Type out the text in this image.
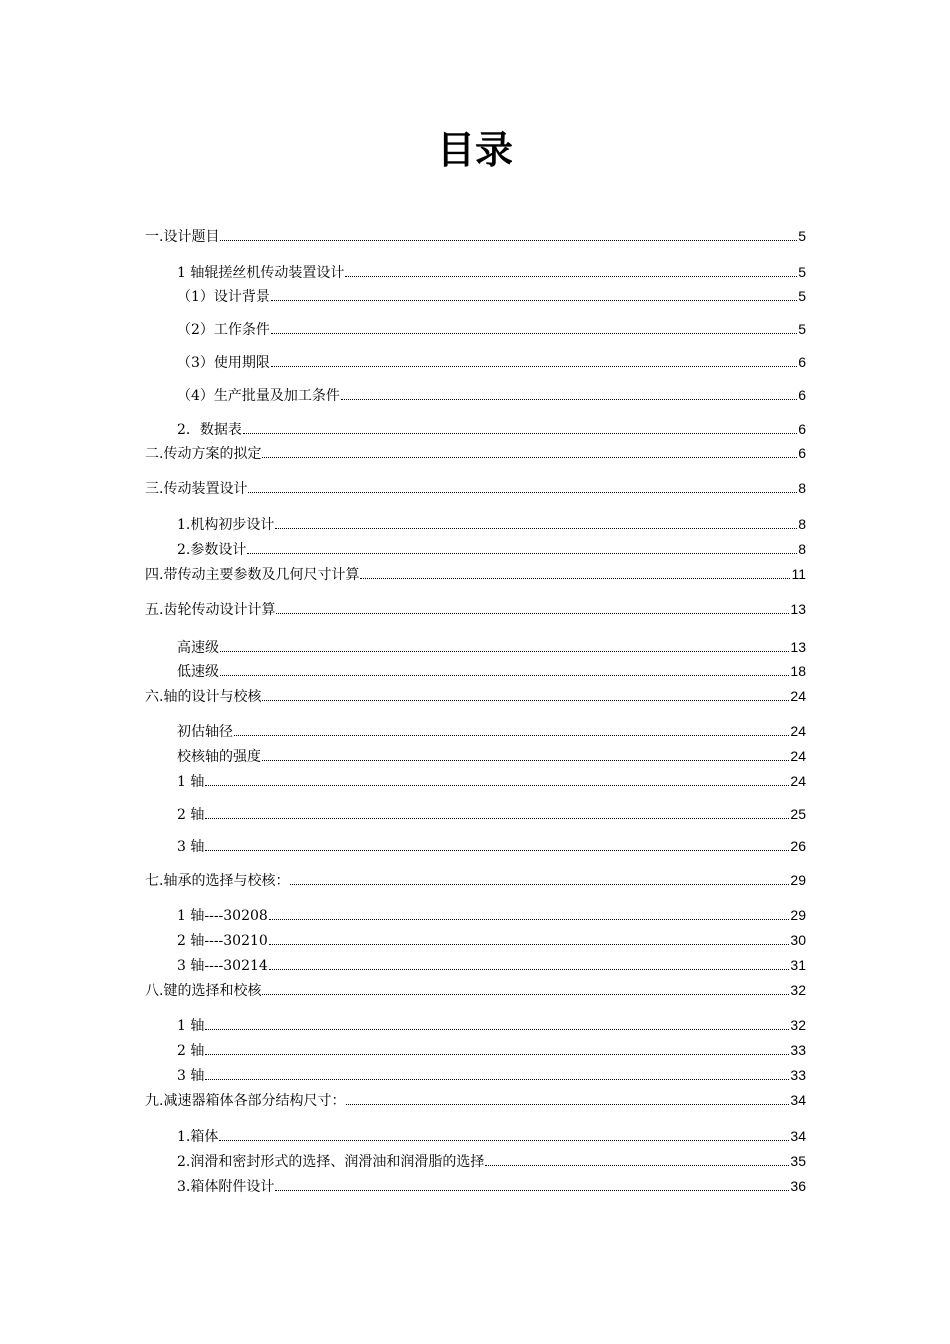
目录
一.设计题目	5
1 轴辊搓丝机传动装置设计	5
（1）设计背景	5
（2）工作条件	5
（3）使用期限	6
（4）生产批量及加工条件	6
2．数据表	6
二.传动方案的拟定	6
三.传动装置设计	8
1.机构初步设计	8
2.参数设计	8
四.带传动主要参数及几何尺寸计算	11
五.齿轮传动设计计算	13
高速级	13
低速级	18
六.轴的设计与校核	24
初估轴径	24
校核轴的强度	24
1 轴	24
2 轴	25
3 轴	26
七.轴承的选择与校核：	29
1 轴----30208	29
2 轴----30210	30
3 轴----30214	31
八.键的选择和校核	32
1 轴	32
2 轴	33
3 轴	33
九.减速器箱体各部分结构尺寸：	34
1.箱体	34
2.润滑和密封形式的选择、润滑油和润滑脂的选择	35
3.箱体附件设计	36
